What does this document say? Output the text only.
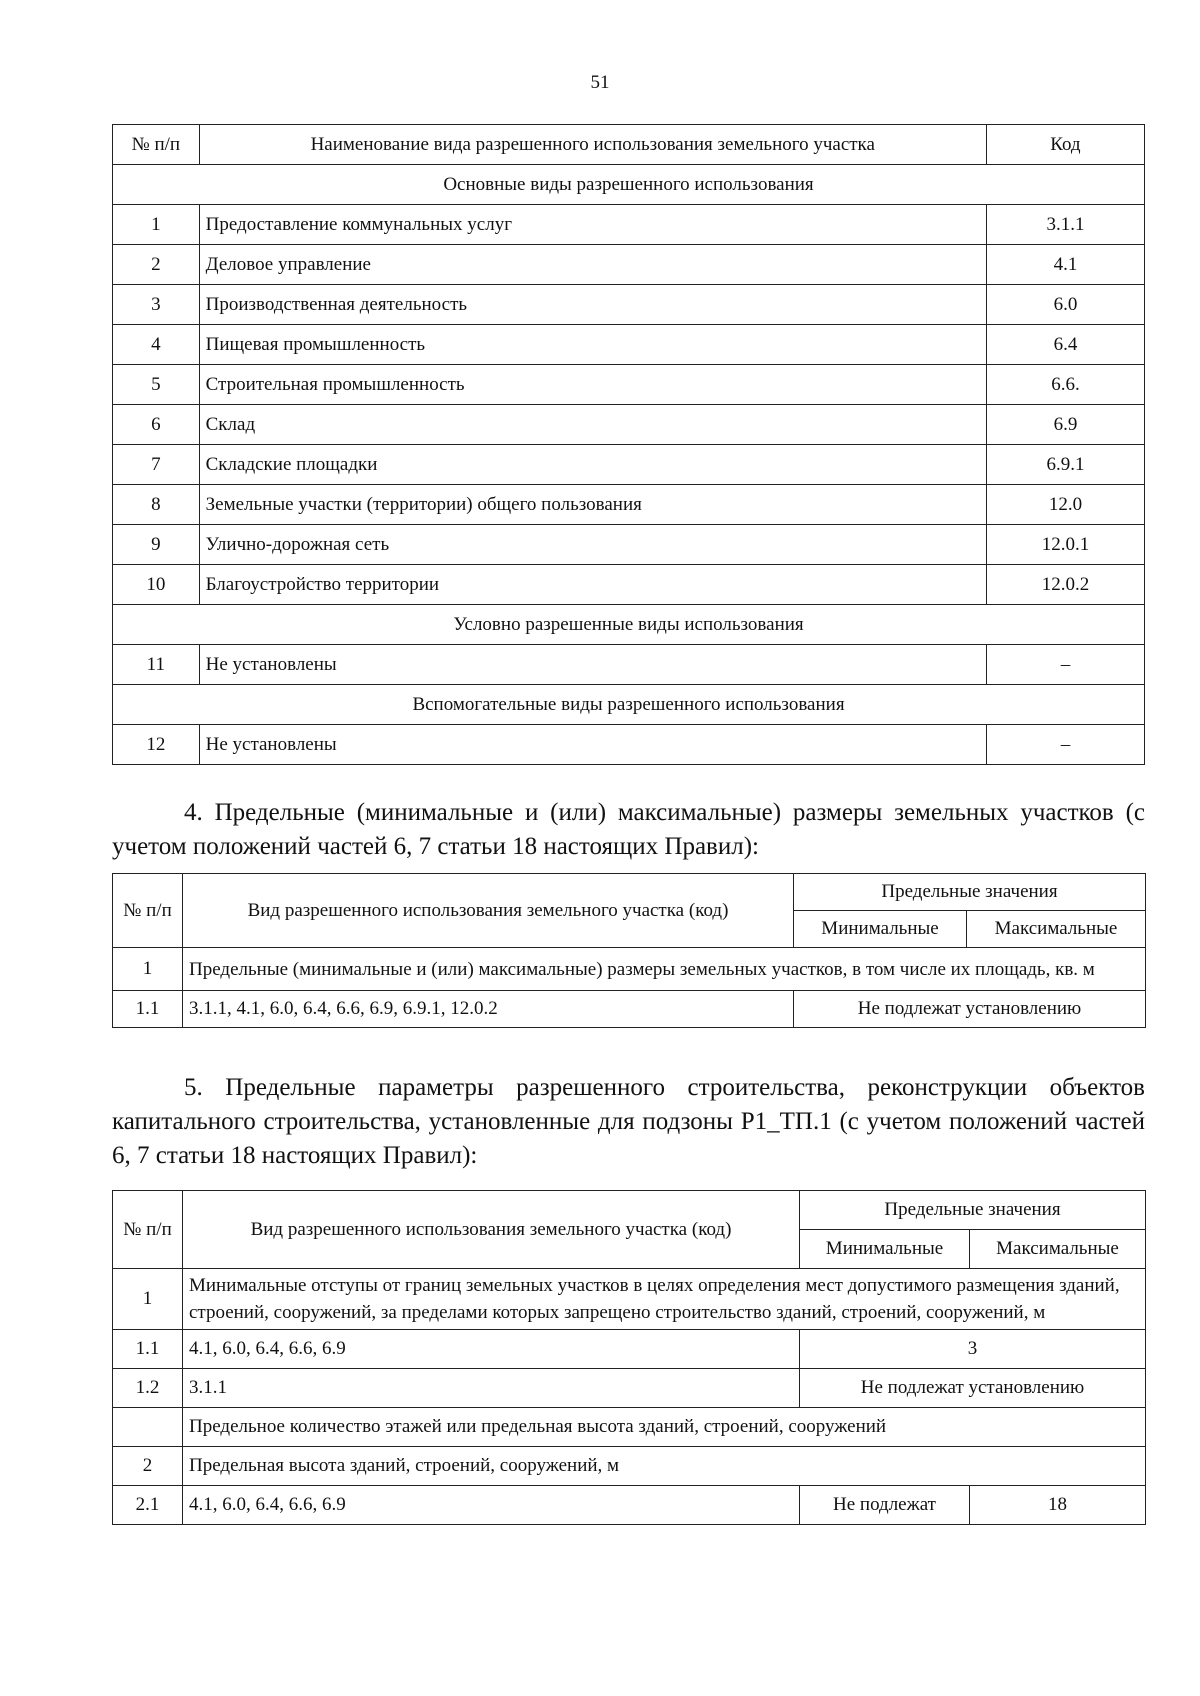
51
№ п/п	Наименование вида разрешенного использования земельного участка	Код
Основные виды разрешенного использования		
1	Предоставление коммунальных услуг	3.1.1
2	Деловое управление	4.1
3	Производственная деятельность	6.0
4	Пищевая промышленность	6.4
5	Строительная промышленность	6.6.
6	Склад	6.9
7	Складские площадки	6.9.1
8	Земельные участки (территории) общего пользования	12.0
9	Улично-дорожная сеть	12.0.1
10	Благоустройство территории	12.0.2
Условно разрешенные виды использования		
11	Не установлены	–
Вспомогательные виды разрешенного использования		
12	Не установлены	–

4. Предельные (минимальные и (или) максимальные) размеры земельных участков (с учетом положений частей 6, 7 статьи 18 настоящих Правил):

№ п/п	Вид разрешенного использования земельного участка (код)	Предельные значения	
		Минимальные	Максимальные
1	Предельные (минимальные и (или) максимальные) размеры земельных участков, в том числе их площадь, кв. м		
1.1	3.1.1, 4.1, 6.0, 6.4, 6.6, 6.9, 6.9.1, 12.0.2	Не подлежат установлению	

5. Предельные параметры разрешенного строительства, реконструкции объектов капитального строительства, установленные для подзоны Р1_ТП.1 (с учетом положений частей 6, 7 статьи 18 настоящих Правил):

№ п/п	Вид разрешенного использования земельного участка (код)	Предельные значения	
		Минимальные	Максимальные
1	Минимальные отступы от границ земельных участков в целях определения мест допустимого размещения зданий, строений, сооружений, за пределами которых запрещено строительство зданий, строений, сооружений, м		
1.1	4.1, 6.0, 6.4, 6.6, 6.9	3	
1.2	3.1.1	Не подлежат установлению	
	Предельное количество этажей или предельная высота зданий, строений, сооружений		
2	Предельная высота зданий, строений, сооружений, м		
2.1	4.1, 6.0, 6.4, 6.6, 6.9	Не подлежат	18
